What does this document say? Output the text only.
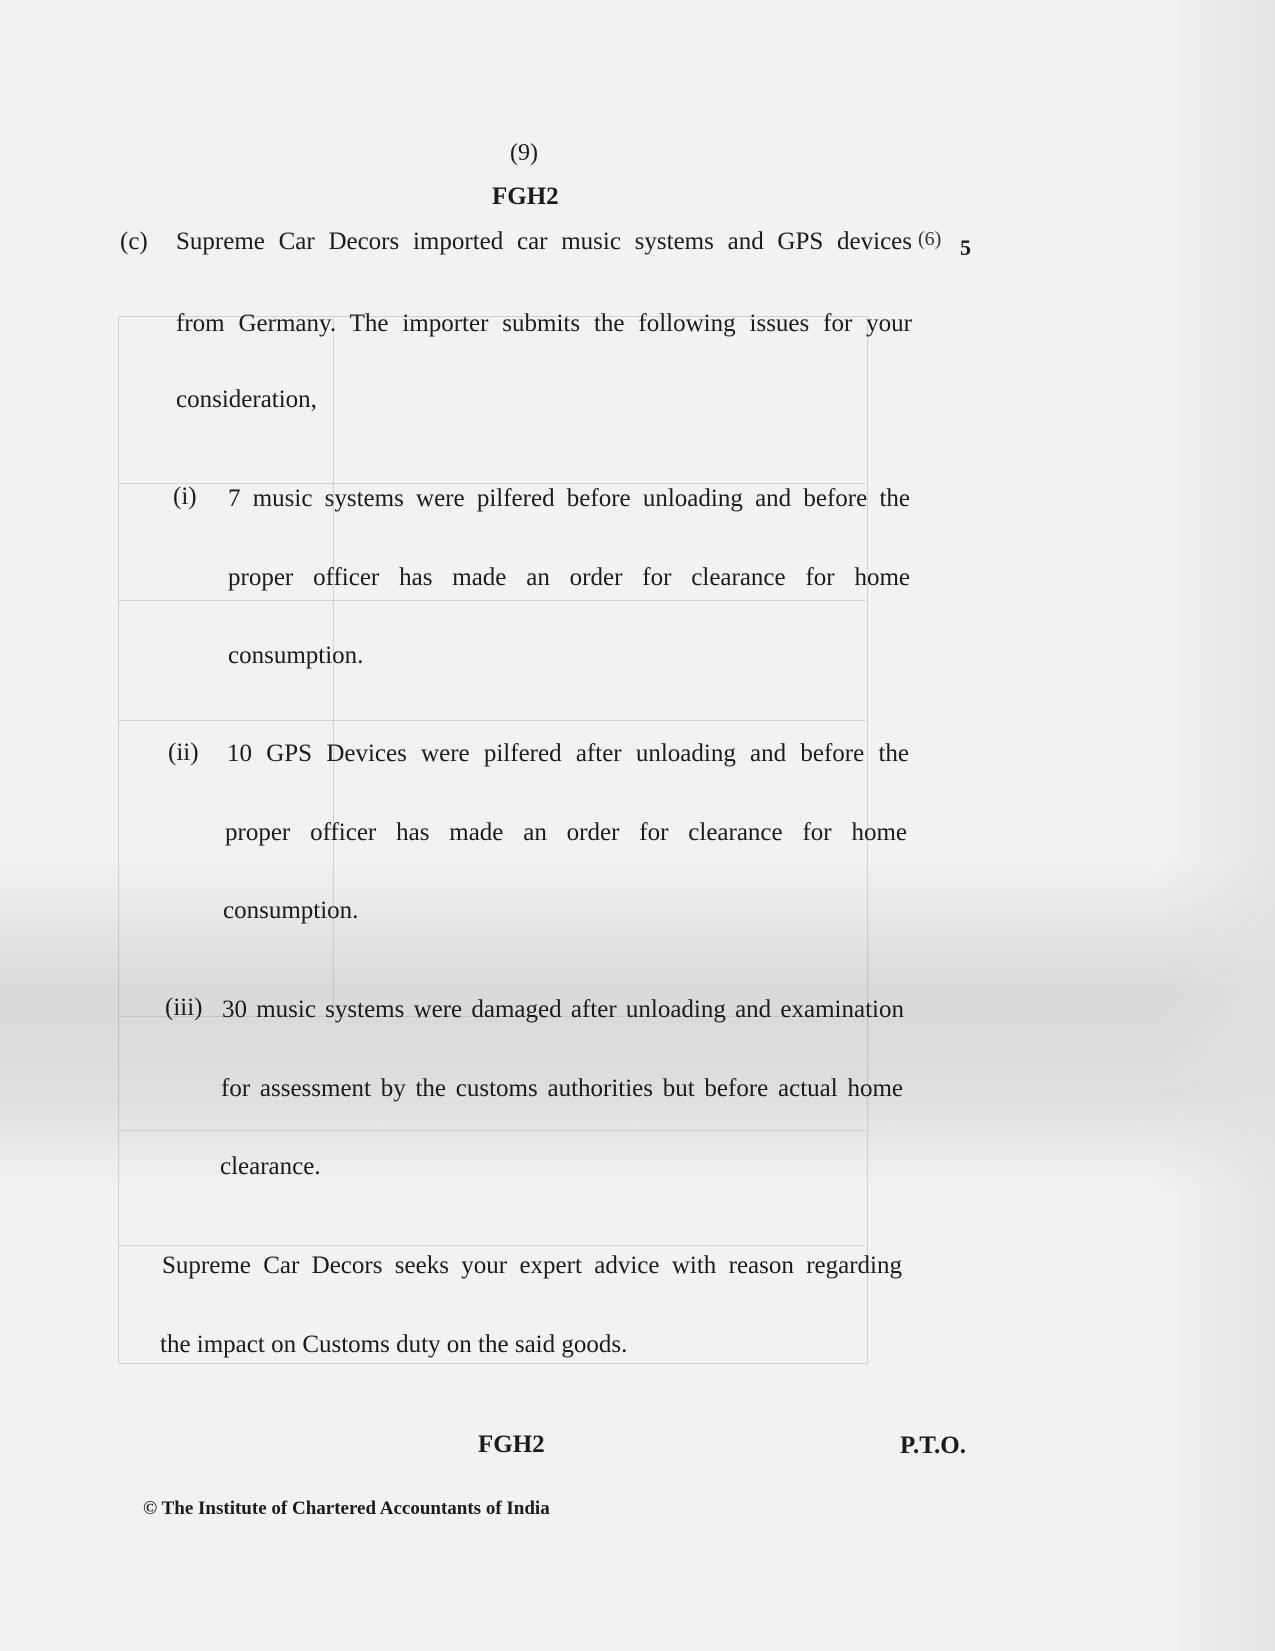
(9)
FGH2
(c) Supreme Car Decors imported car music systems and GPS devices (6) 5
from Germany. The importer submits the following issues for your
consideration,
(i) 7 music systems were pilfered before unloading and before the
proper officer has made an order for clearance for home
consumption.
(ii) 10 GPS Devices were pilfered after unloading and before the
proper officer has made an order for clearance for home
consumption.
(iii) 30 music systems were damaged after unloading and examination
for assessment by the customs authorities but before actual home
clearance.
Supreme Car Decors seeks your expert advice with reason regarding
the impact on Customs duty on the said goods.
FGH2	P.T.O.
© The Institute of Chartered Accountants of India
